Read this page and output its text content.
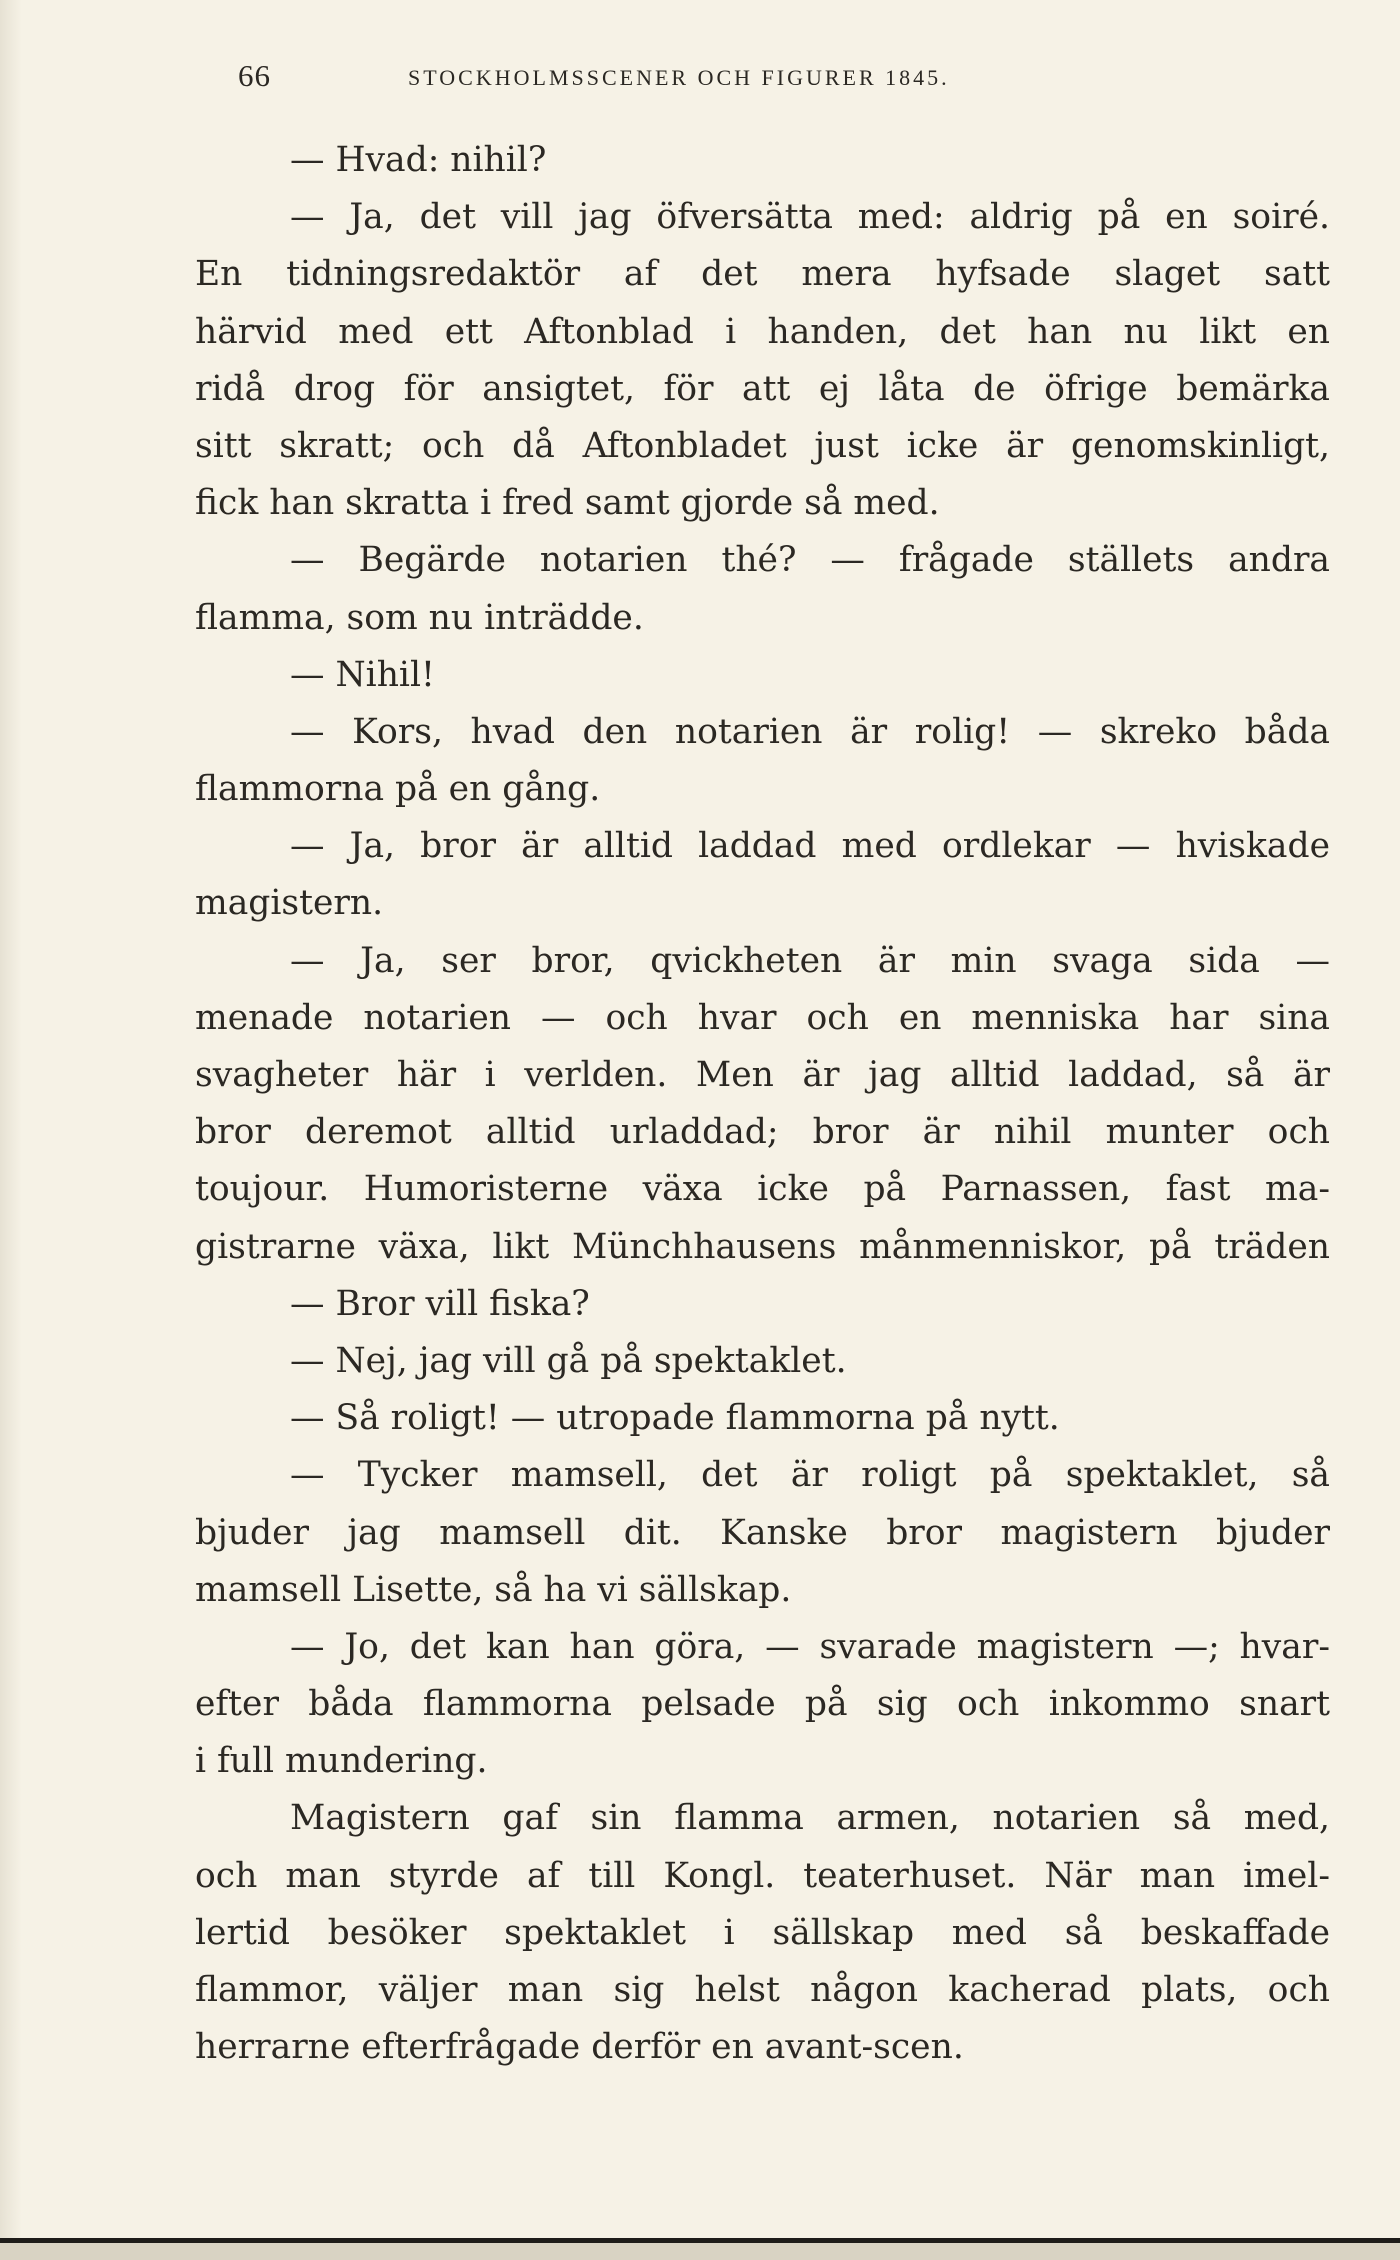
66	STOCKHOLMSSCENER OCH FIGURER 1845.
— Hvad: nihil?
— Ja, det vill jag öfversätta med: aldrig på en soiré.
En tidningsredaktör af det mera hyfsade slaget satt
härvid med ett Aftonblad i handen, det han nu likt en
ridå drog för ansigtet, för att ej låta de öfrige bemärka
sitt skratt; och då Aftonbladet just icke är genomskinligt,
fick han skratta i fred samt gjorde så med.
— Begärde notarien thé? — frågade ställets andra
flamma, som nu inträdde.
— Nihil!
— Kors, hvad den notarien är rolig! — skreko båda
flammorna på en gång.
— Ja, bror är alltid laddad med ordlekar — hviskade
magistern.
— Ja, ser bror, qvickheten är min svaga sida —
menade notarien — och hvar och en menniska har sina
svagheter här i verlden. Men är jag alltid laddad, så är
bror deremot alltid urladdad; bror är nihil munter och
toujour. Humoristerne växa icke på Parnassen, fast ma-
gistrarne växa, likt Münchhausens månmenniskor, på träden
— Bror vill fiska?
— Nej, jag vill gå på spektaklet.
— Så roligt! — utropade flammorna på nytt.
— Tycker mamsell, det är roligt på spektaklet, så
bjuder jag mamsell dit. Kanske bror magistern bjuder
mamsell Lisette, så ha vi sällskap.
— Jo, det kan han göra, — svarade magistern —; hvar-
efter båda flammorna pelsade på sig och inkommo snart
i full mundering.
Magistern gaf sin flamma armen, notarien så med,
och man styrde af till Kongl. teaterhuset. När man imel-
lertid besöker spektaklet i sällskap med så beskaffade
flammor, väljer man sig helst någon kacherad plats, och
herrarne efterfrågade derför en avant-scen.
